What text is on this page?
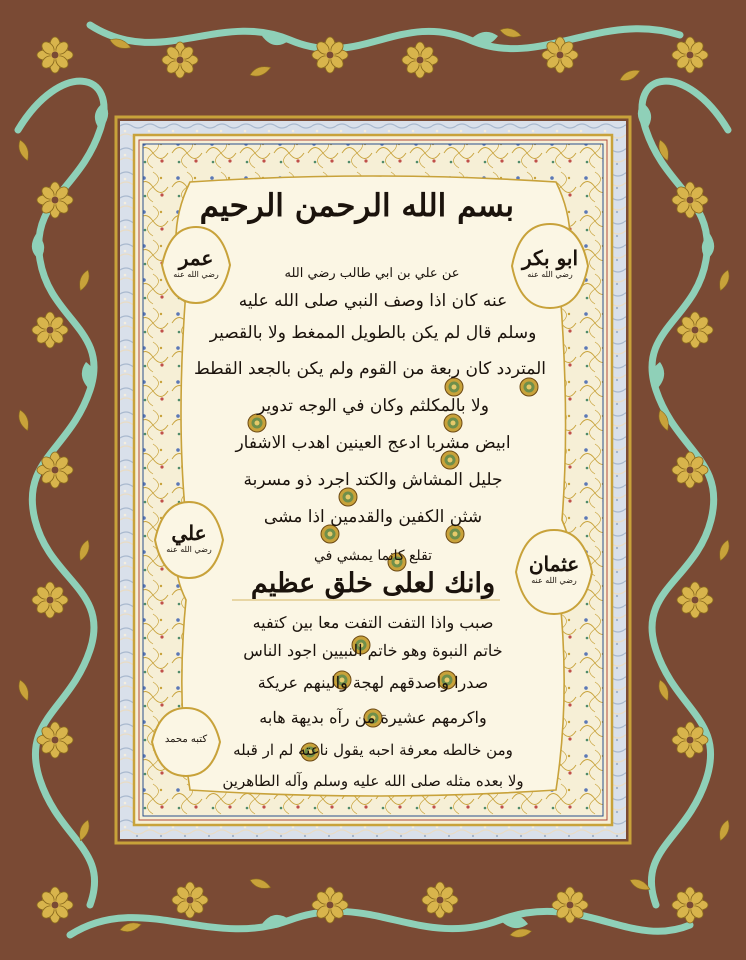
بسم الله الرحمن الرحيم
عن علي بن ابي طالب رضي الله
عنه كان اذا وصف النبي صلى الله عليه
وسلم قال لم يكن بالطويل الممغط ولا بالقصير
المتردد كان ربعة من القوم ولم يكن بالجعد القطط
ولا بالمكلثم وكان في الوجه تدوير
ابيض مشربا ادعج العينين اهدب الاشفار
جليل المشاش والكتد اجرد ذو مسربة
شثن الكفين والقدمين اذا مشى
تقلع كانما يمشي في
وانك لعلى خلق عظيم
صبب واذا التفت التفت معا بين كتفيه
خاتم النبوة وهو خاتم النبيين اجود الناس
صدرا واصدقهم لهجة والينهم عريكة
واكرمهم عشيرة من رآه بديهة هابه
ومن خالطه معرفة احبه يقول ناعته لم ار قبله
ولا بعده مثله صلى الله عليه وسلم وآله الطاهرين
ابو بكر
رضي الله عنه
عمر
رضي الله عنه
عثمان
رضي الله عنه
علي
رضي الله عنه
كتبه محمد
